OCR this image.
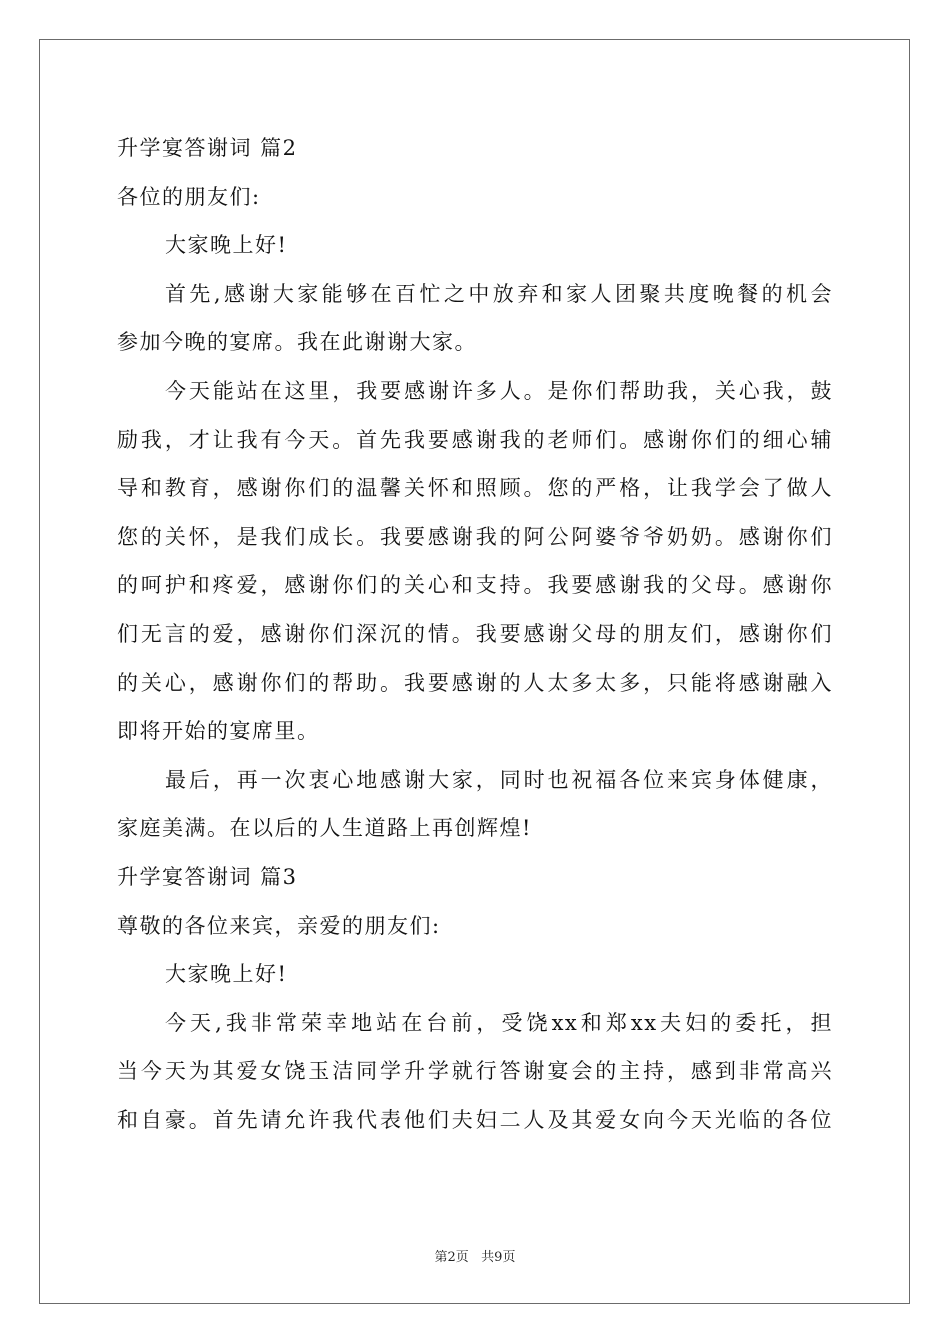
升学宴答谢词 篇2
各位的朋友们:
大家晚上好!
首先,感谢大家能够在百忙之中放弃和家人团聚共度晚餐的机会
参加今晚的宴席。我在此谢谢大家。
今天能站在这里，我要感谢许多人。是你们帮助我，关心我，鼓
励我，才让我有今天。首先我要感谢我的老师们。感谢你们的细心辅
导和教育，感谢你们的温馨关怀和照顾。您的严格，让我学会了做人
您的关怀，是我们成长。我要感谢我的阿公阿婆爷爷奶奶。感谢你们
的呵护和疼爱，感谢你们的关心和支持。我要感谢我的父母。感谢你
们无言的爱，感谢你们深沉的情。我要感谢父母的朋友们，感谢你们
的关心，感谢你们的帮助。我要感谢的人太多太多，只能将感谢融入
即将开始的宴席里。
最后，再一次衷心地感谢大家，同时也祝福各位来宾身体健康，
家庭美满。在以后的人生道路上再创辉煌!
升学宴答谢词 篇3
尊敬的各位来宾，亲爱的朋友们:
大家晚上好!
今天,我非常荣幸地站在台前，受饶xx和郑xx夫妇的委托，担
当今天为其爱女饶玉洁同学升学就行答谢宴会的主持，感到非常高兴
和自豪。首先请允许我代表他们夫妇二人及其爱女向今天光临的各位
第2页   共9页
